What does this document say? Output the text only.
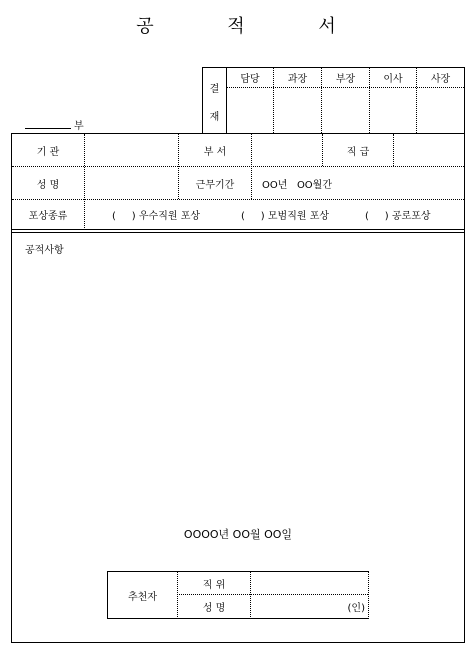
공 적 서
부
결
재
담당	과장	부장	이사	사장
기 관	부 서	직 급
성 명	근무기간	OO년   OO월간
포상종류	(     ) 우수직원 포상	(     ) 모범직원 포상	(     ) 공로포상
공적사항
OOOO년 OO월 OO일
추천자
직 위
성 명	(인)
